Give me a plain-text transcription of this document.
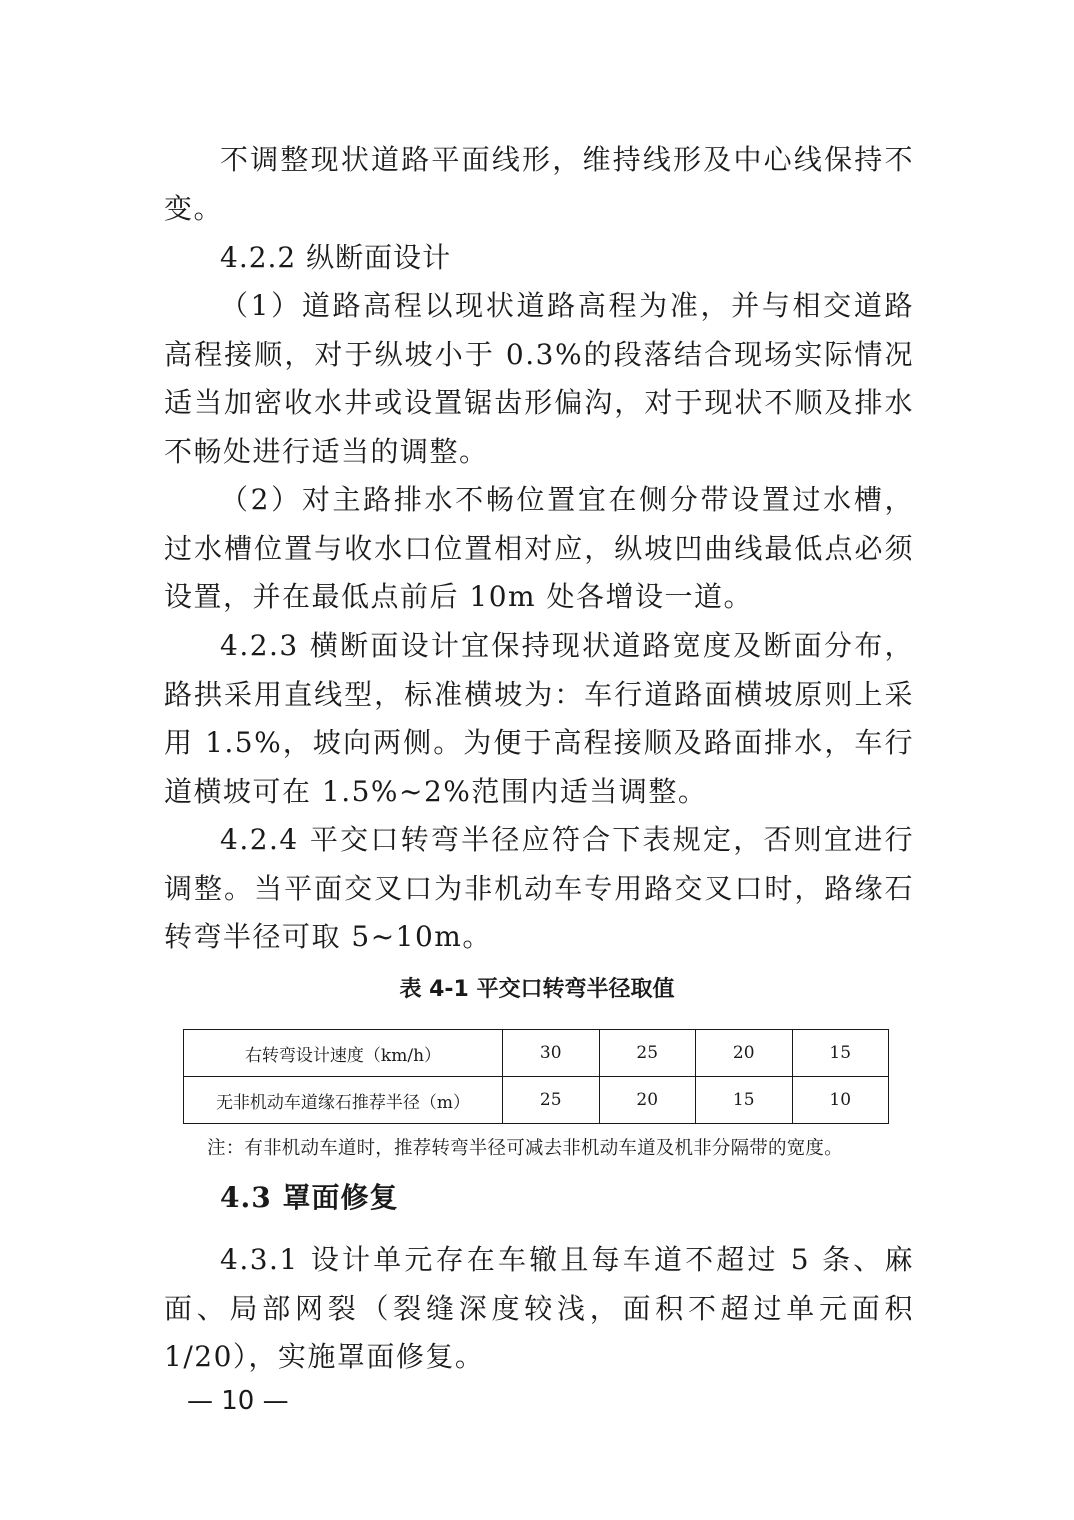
不调整现状道路平面线形，维持线形及中心线保持不变。

4.2.2 纵断面设计

（1）道路高程以现状道路高程为准，并与相交道路高程接顺，对于纵坡小于 0.3%的段落结合现场实际情况适当加密收水井或设置锯齿形偏沟，对于现状不顺及排水不畅处进行适当的调整。

（2）对主路排水不畅位置宜在侧分带设置过水槽，过水槽位置与收水口位置相对应，纵坡凹曲线最低点必须设置，并在最低点前后 10m 处各增设一道。

4.2.3 横断面设计宜保持现状道路宽度及断面分布，路拱采用直线型，标准横坡为：车行道路面横坡原则上采用 1.5%，坡向两侧。为便于高程接顺及路面排水，车行道横坡可在 1.5%~2%范围内适当调整。

4.2.4 平交口转弯半径应符合下表规定，否则宜进行调整。当平面交叉口为非机动车专用路交叉口时，路缘石转弯半径可取 5~10m。

表 4-1 平交口转弯半径取值

右转弯设计速度（km/h）	30	25	20	15
无非机动车道缘石推荐半径（m）	25	20	15	10

注：有非机动车道时，推荐转弯半径可减去非机动车道及机非分隔带的宽度。

4.3 罩面修复

4.3.1 设计单元存在车辙且每车道不超过 5 条、麻面、局部网裂（裂缝深度较浅，面积不超过单元面积 1/20），实施罩面修复。

— 10 —
